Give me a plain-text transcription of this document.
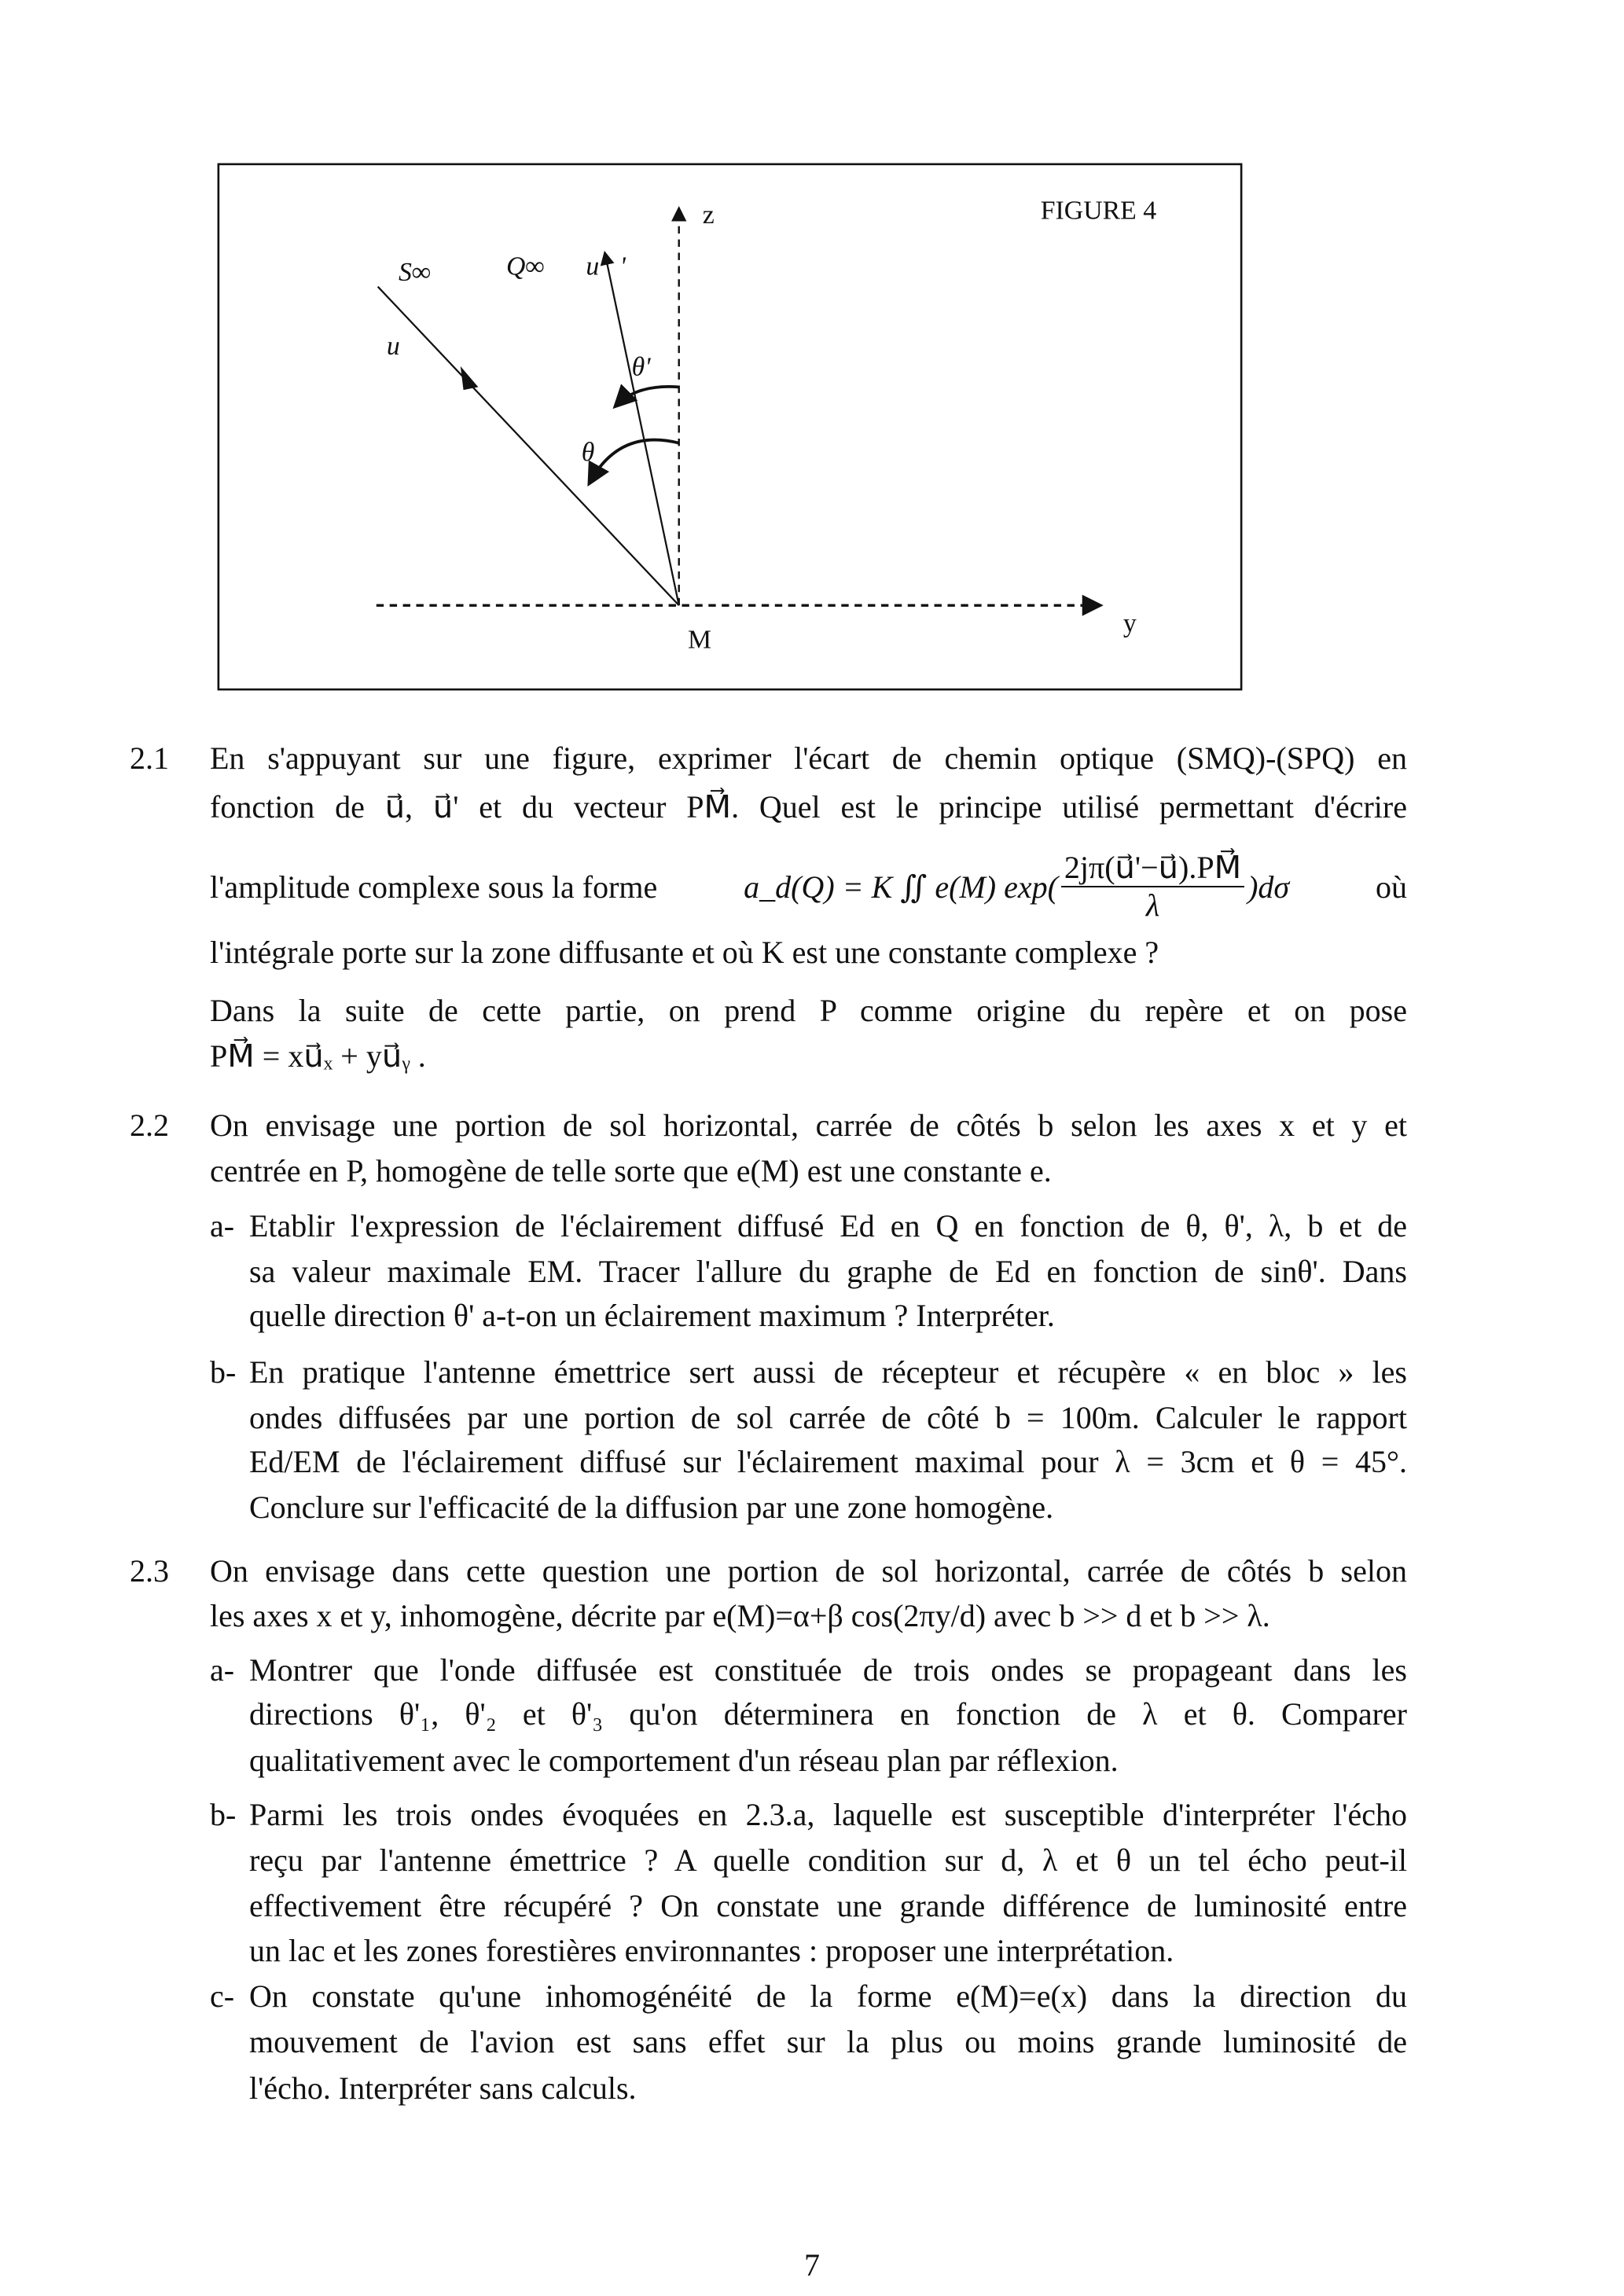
FIGURE 4
z
y
M
S∞	Q∞
u⃗
u⃗'
θ'
θ
2.1 En s'appuyant sur une figure, exprimer l'écart de chemin optique (SMQ)-(SPQ) en
fonction de u⃗, u⃗' et du vecteur PM⃗. Quel est le principe utilisé permettant d'écrire
l'amplitude complexe sous la forme	a_d(Q) = K ∬ e(M) $\exp( \frac{2j\pi(u⃗'-u⃗).PM⃗}{\lambda} )d\sigma$	où
l'intégrale porte sur la zone diffusante et où K est une constante complexe ?
Dans la suite de cette partie, on prend P comme origine du repère et on pose
PM⃗ = xu⃗ₓ + yu⃗ᵧ .
2.2 On envisage une portion de sol horizontal, carrée de côtés b selon les axes x et y et
centrée en P, homogène de telle sorte que e(M) est une constante e.
a- Etablir l'expression de l'éclairement diffusé Ed en Q en fonction de θ, θ', λ, b et de
sa valeur maximale EM. Tracer l'allure du graphe de Ed en fonction de sinθ'. Dans
quelle direction θ' a-t-on un éclairement maximum ? Interpréter.
b- En pratique l'antenne émettrice sert aussi de récepteur et récupère « en bloc » les
ondes diffusées par une portion de sol carrée de côté b = 100m. Calculer le rapport
Ed/EM de l'éclairement diffusé sur l'éclairement maximal pour λ = 3cm et θ = 45°.
Conclure sur l'efficacité de la diffusion par une zone homogène.
2.3 On envisage dans cette question une portion de sol horizontal, carrée de côtés b selon
les axes x et y, inhomogène, décrite par e(M)=α+β cos(2πy/d) avec b >> d et b >> λ.
a- Montrer que l'onde diffusée est constituée de trois ondes se propageant dans les
directions θ'₁, θ'₂ et θ'₃ qu'on déterminera en fonction de λ et θ. Comparer
qualitativement avec le comportement d'un réseau plan par réflexion.
b- Parmi les trois ondes évoquées en 2.3.a, laquelle est susceptible d'interpréter l'écho
reçu par l'antenne émettrice ? A quelle condition sur d, λ et θ un tel écho peut-il
effectivement être récupéré ? On constate une grande différence de luminosité entre
un lac et les zones forestières environnantes : proposer une interprétation.
c- On constate qu'une inhomogénéité de la forme e(M)=e(x) dans la direction du
mouvement de l'avion est sans effet sur la plus ou moins grande luminosité de
l'écho. Interpréter sans calculs.
7
